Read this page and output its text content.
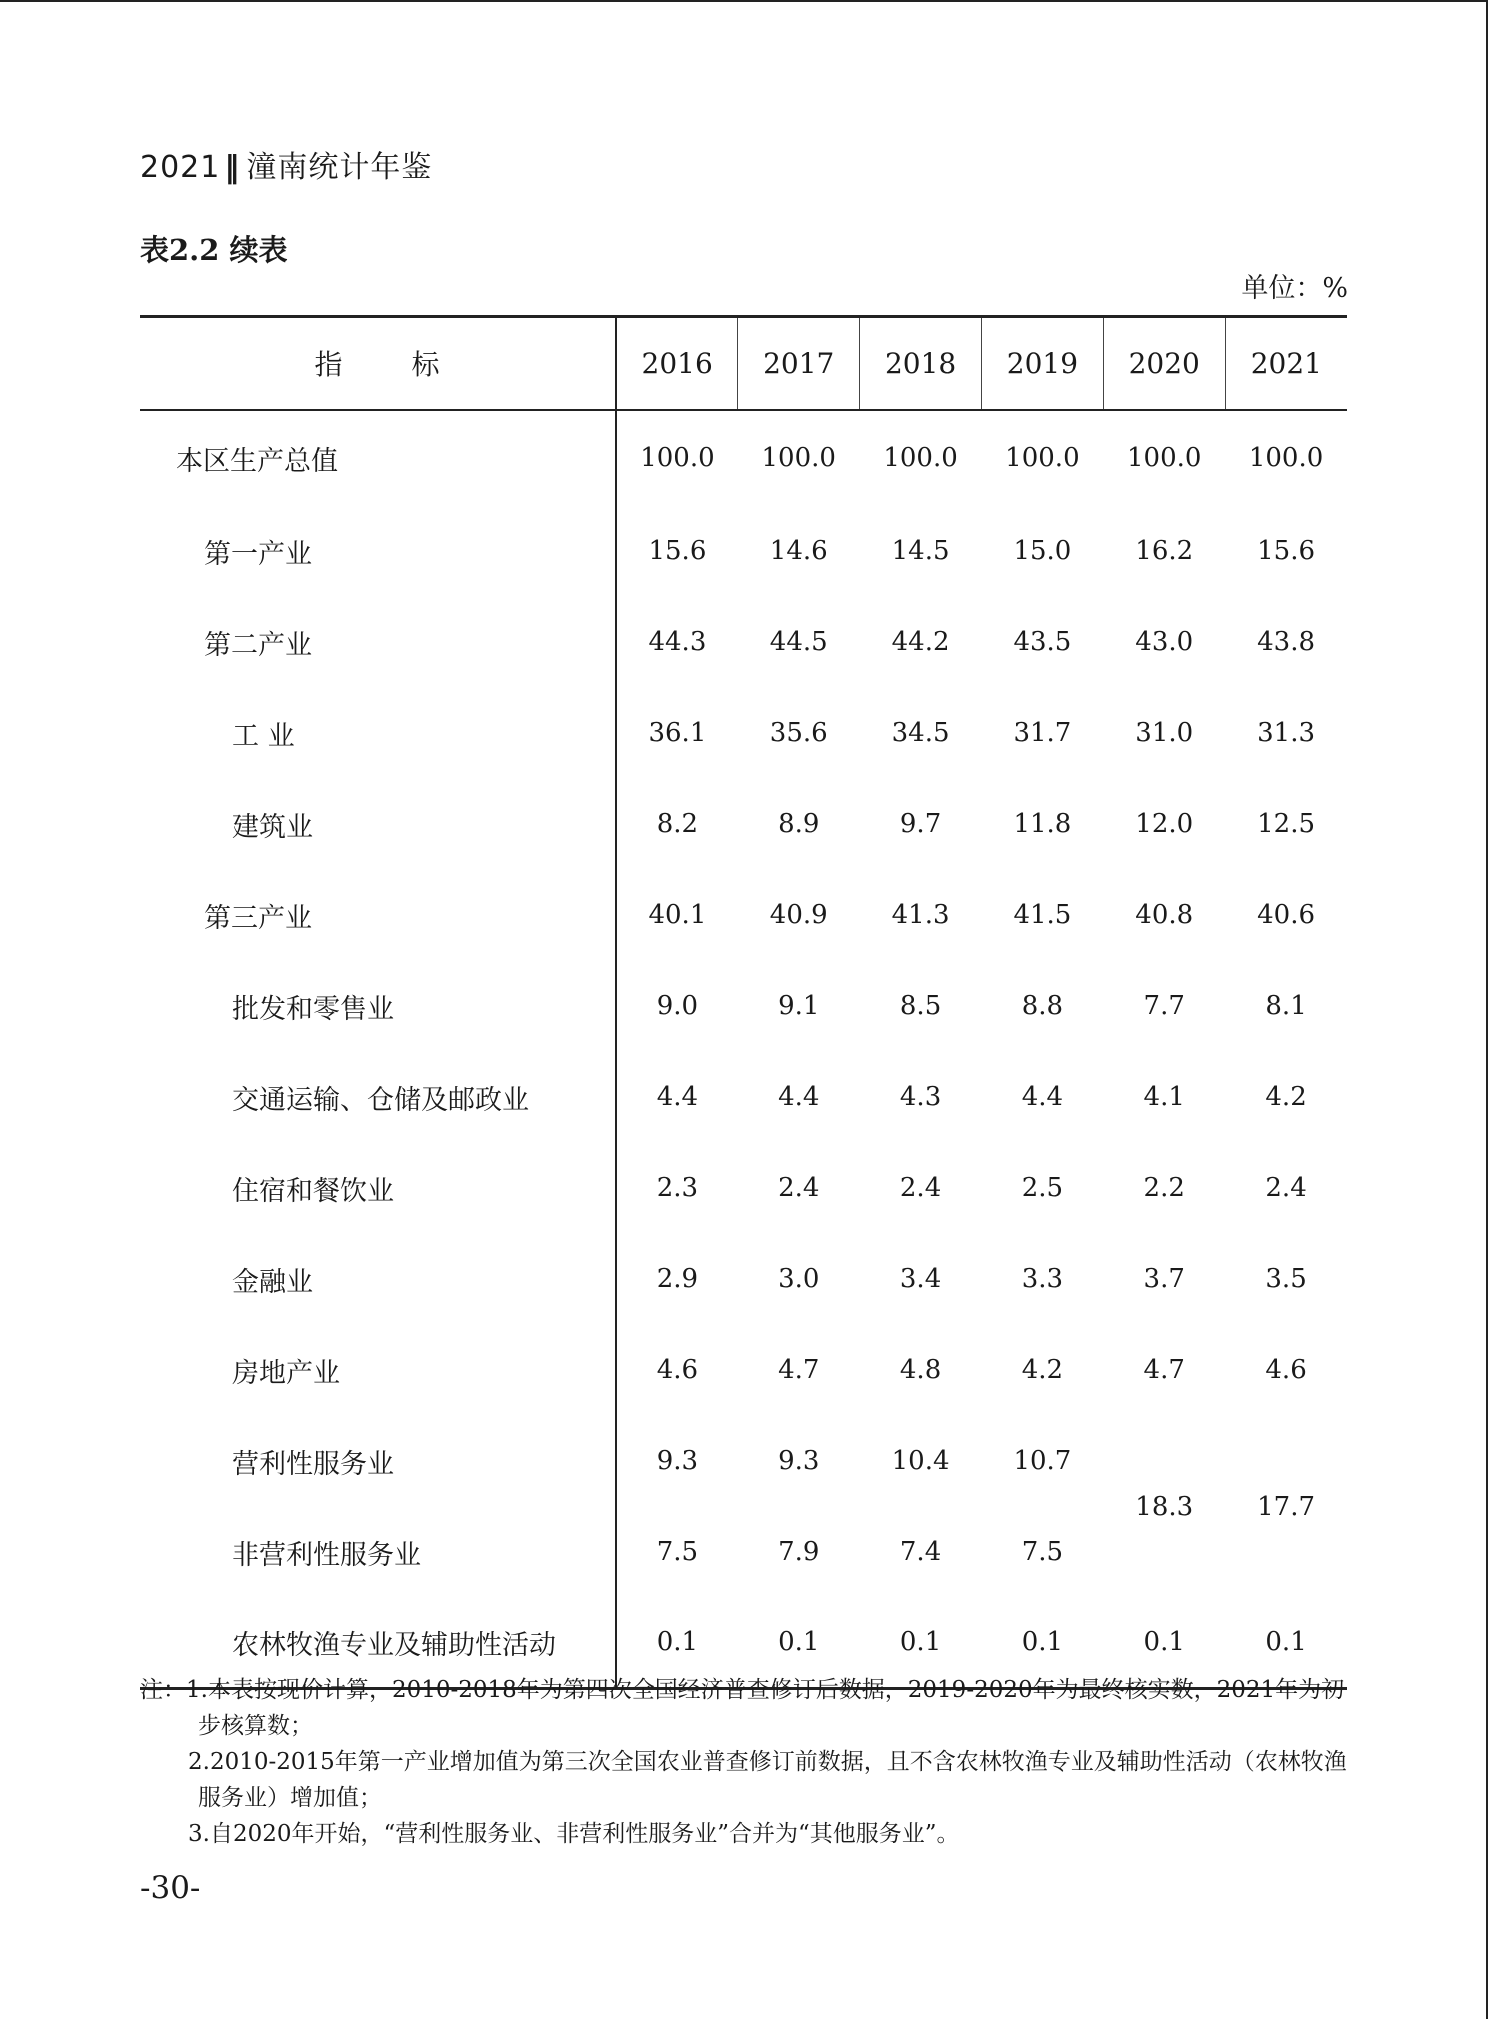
2021 ‖ 潼南统计年鉴
表2.2 续表
单位：%
指 标	2016	2017	2018	2019	2020	2021
本区生产总值	100.0	100.0	100.0	100.0	100.0	100.0
第一产业	15.6	14.6	14.5	15.0	16.2	15.6
第二产业	44.3	44.5	44.2	43.5	43.0	43.8
工 业	36.1	35.6	34.5	31.7	31.0	31.3
建筑业	8.2	8.9	9.7	11.8	12.0	12.5
第三产业	40.1	40.9	41.3	41.5	40.8	40.6
批发和零售业	9.0	9.1	8.5	8.8	7.7	8.1
交通运输、仓储及邮政业	4.4	4.4	4.3	4.4	4.1	4.2
住宿和餐饮业	2.3	2.4	2.4	2.5	2.2	2.4
金融业	2.9	3.0	3.4	3.3	3.7	3.5
房地产业	4.6	4.7	4.8	4.2	4.7	4.6
营利性服务业	9.3	9.3	10.4	10.7	18.3	17.7
非营利性服务业	7.5	7.9	7.4	7.5		
农林牧渔专业及辅助性活动	0.1	0.1	0.1	0.1	0.1	0.1

注：1.本表按现价计算，2010-2018年为第四次全国经济普查修订后数据，2019-2020年为最终核实数，2021年为初步核算数；

2.2010-2015年第一产业增加值为第三次全国农业普查修订前数据，且不含农林牧渔专业及辅助性活动（农林牧渔服务业）增加值；

3.自2020年开始，“营利性服务业、非营利性服务业”合并为“其他服务业”。

-30-
